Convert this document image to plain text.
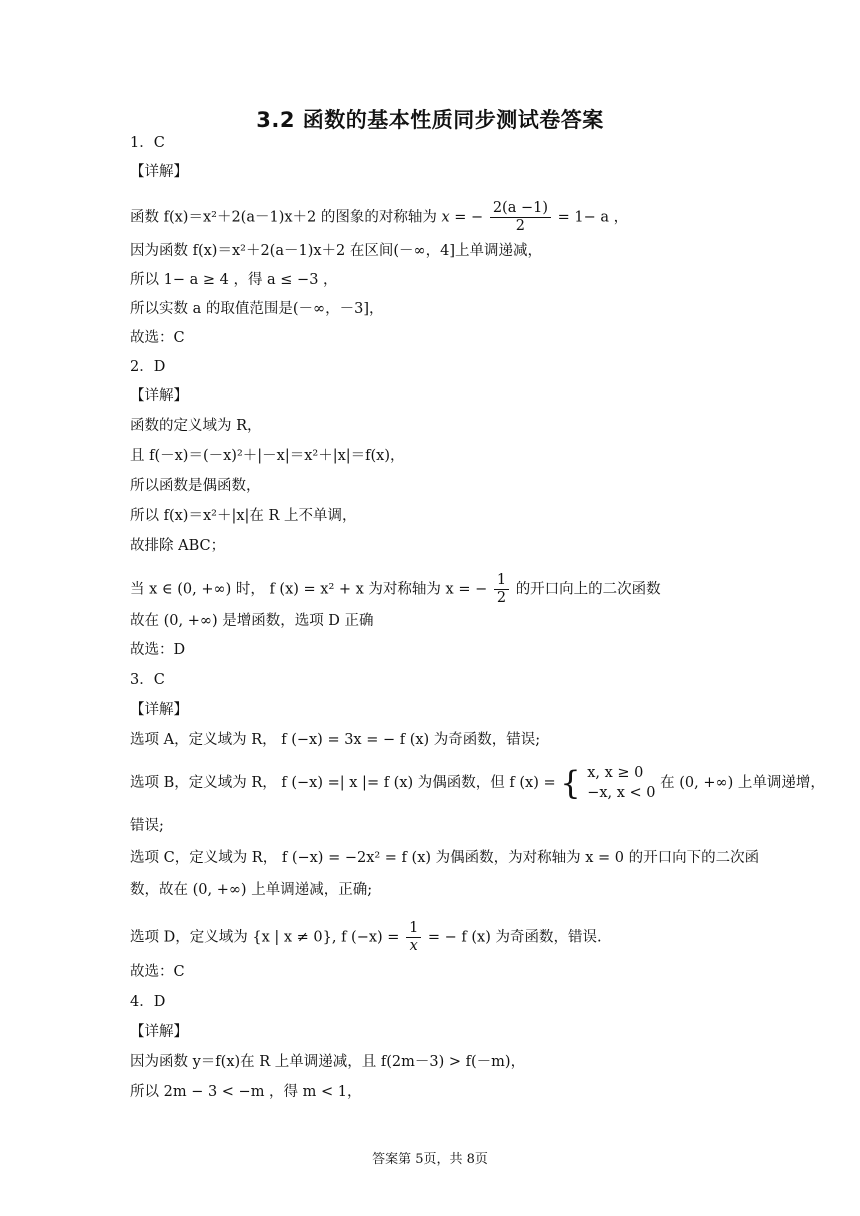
3.2 函数的基本性质同步测试卷答案
1．C
【详解】
函数 f(x)＝x²＋2(a－1)x＋2 的图象的对称轴为 x = − $\frac{2(a -1)}{2} = 1- a$ ，
因为函数 f(x)＝x²＋2(a－1)x＋2 在区间(－∞，4]上单调递减，
所以 1− a ≥ 4 ，得 a ≤ −3 ，
所以实数 a 的取值范围是(－∞，－3]，
故选：C
2．D
【详解】
函数的定义域为 R，
且 f(－x)＝(－x)²＋|－x|＝x²＋|x|＝f(x)，
所以函数是偶函数，
所以 f(x)＝x²＋|x|在 R 上不单调，
故排除 ABC；
当 x ∈ (0, +∞) 时， f (x) = x² + x 为对称轴为 x = − $\frac{1}{2}$ 的开口向上的二次函数
故在 (0, +∞) 是增函数，选项 D 正确
故选：D
3．C
【详解】
选项 A，定义域为 R， f (−x) = 3x = − f (x) 为奇函数，错误;
选项 B，定义域为 R， f (−x) =| x |= f (x) 为偶函数，但 f (x) = { x, x ≥ 0
−x, x < 0
在 (0, +∞) 上单调递增，
错误;
选项 C，定义域为 R， f (−x) = −2x² = f (x) 为偶函数，为对称轴为 x = 0 的开口向下的二次函
数，故在 (0, +∞) 上单调递减，正确;
选项 D，定义域为 {x | x ≠ 0}, f $(-x) = \frac{1}{x}$ = − f (x) 为奇函数，错误.
故选：C
4．D
【详解】
因为函数 y＝f(x)在 R 上单调递减，且 f(2m－3) > f(－m)，
所以 2m − 3 < −m ，得 m < 1，
答案第 5页，共 8页
